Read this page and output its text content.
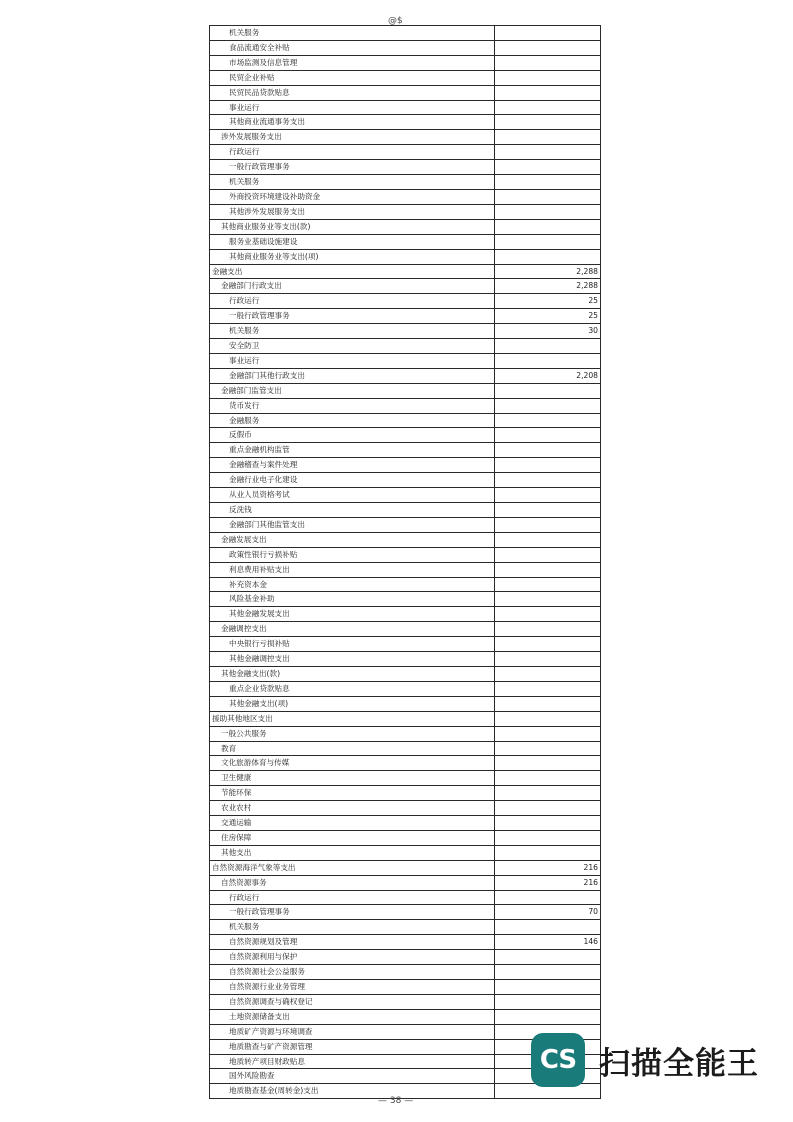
@$
机关服务	
食品流通安全补贴	
市场监测及信息管理	
民贸企业补贴	
民贸民品贷款贴息	
事业运行	
其他商业流通事务支出	
涉外发展服务支出	
行政运行	
一般行政管理事务	
机关服务	
外商投资环境建设补助资金	
其他涉外发展服务支出	
其他商业服务业等支出(款)	
服务业基础设施建设	
其他商业服务业等支出(项)	
金融支出	2,288
金融部门行政支出	2,288
行政运行	25
一般行政管理事务	25
机关服务	30
安全防卫	
事业运行	
金融部门其他行政支出	2,208
金融部门监管支出	
货币发行	
金融服务	
反假币	
重点金融机构监管	
金融稽查与案件处理	
金融行业电子化建设	
从业人员资格考试	
反洗钱	
金融部门其他监管支出	
金融发展支出	
政策性银行亏损补贴	
利息费用补贴支出	
补充资本金	
风险基金补助	
其他金融发展支出	
金融调控支出	
中央银行亏损补贴	
其他金融调控支出	
其他金融支出(款)	
重点企业贷款贴息	
其他金融支出(项)	
援助其他地区支出	
一般公共服务	
教育	
文化旅游体育与传媒	
卫生健康	
节能环保	
农业农村	
交通运输	
住房保障	
其他支出	
自然资源海洋气象等支出	216
自然资源事务	216
行政运行	
一般行政管理事务	70
机关服务	
自然资源规划及管理	146
自然资源利用与保护	
自然资源社会公益服务	
自然资源行业业务管理	
自然资源调查与确权登记	
土地资源储备支出	
地质矿产资源与环境调查	
地质勘查与矿产资源管理	
地质转产项目财政贴息	
国外风险勘查	
地质勘查基金(周转金)支出	
— 38 —
CS 扫描全能王
